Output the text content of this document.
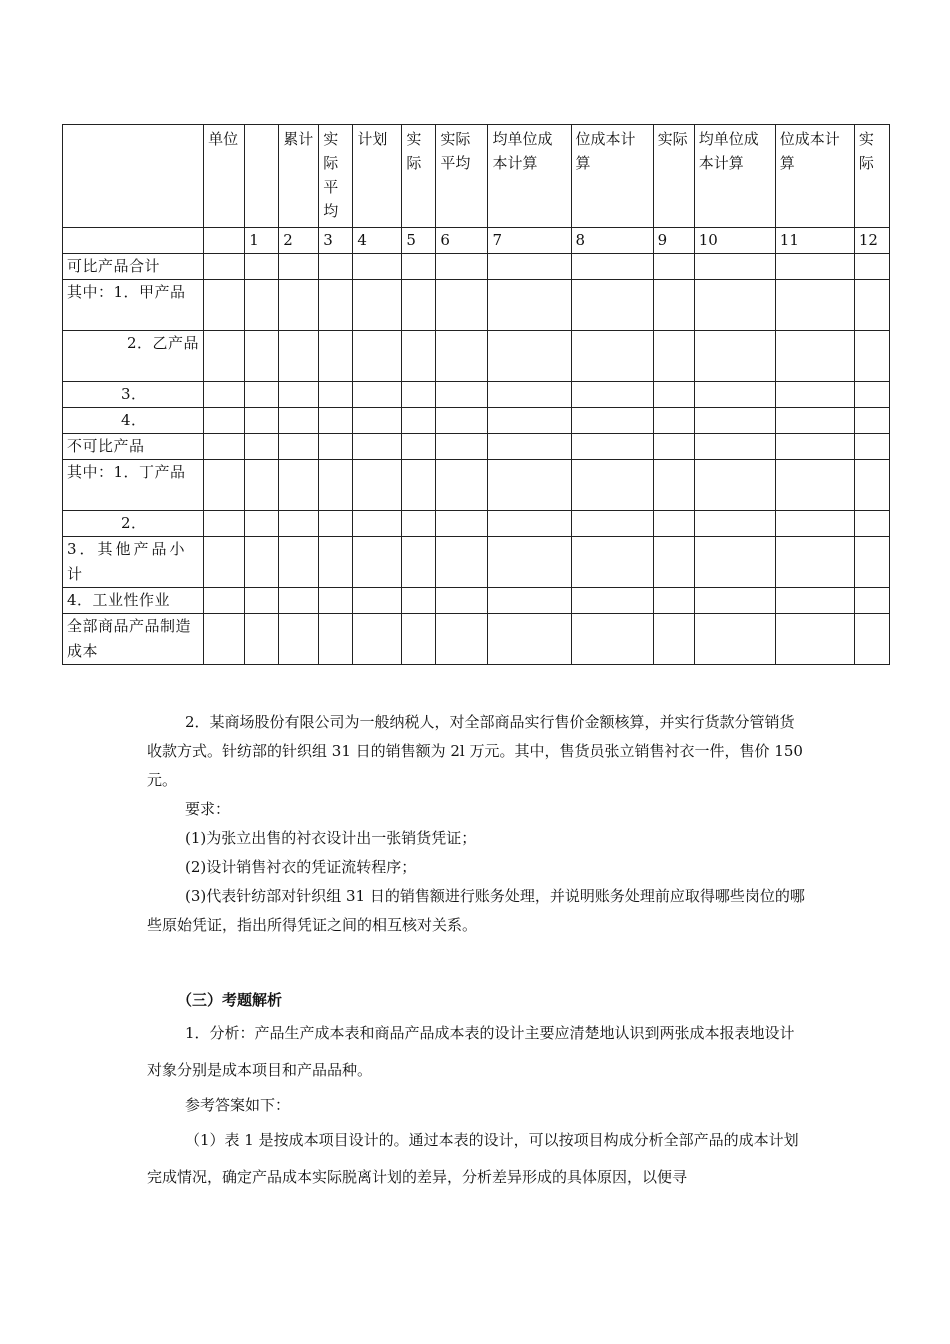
	单位		累计	实际平均	计划	实际	实际平均	均单位成本计算	位成本计算	实际	均单位成本计算	位成本计算	实际
		1	2	3	4	5	6	7	8	9	10	11	12
可比产品合计													
其中：1．甲产品													
2．乙产品													
3．													
4．													
不可比产品													
其中：1．丁产品													
2．													
3．其他产品小计													
4．工业性作业													
全部商品产品制造成本													

2．某商场股份有限公司为一般纳税人，对全部商品实行售价金额核算，并实行货款分管销货收款方式。针纺部的针织组 31 日的销售额为 2l 万元。其中，售货员张立销售衬衣一件，售价 150 元。

要求：

(1)为张立出售的衬衣设计出一张销货凭证；

(2)设计销售衬衣的凭证流转程序；

(3)代表针纺部对针织组 31 日的销售额进行账务处理，并说明账务处理前应取得哪些岗位的哪些原始凭证，指出所得凭证之间的相互核对关系。

（三）考题解析

1．分析：产品生产成本表和商品产品成本表的设计主要应清楚地认识到两张成本报表地设计对象分别是成本项目和产品品种。

参考答案如下：

（1）表 1 是按成本项目设计的。通过本表的设计，可以按项目构成分析全部产品的成本计划完成情况，确定产品成本实际脱离计划的差异，分析差异形成的具体原因，以便寻
